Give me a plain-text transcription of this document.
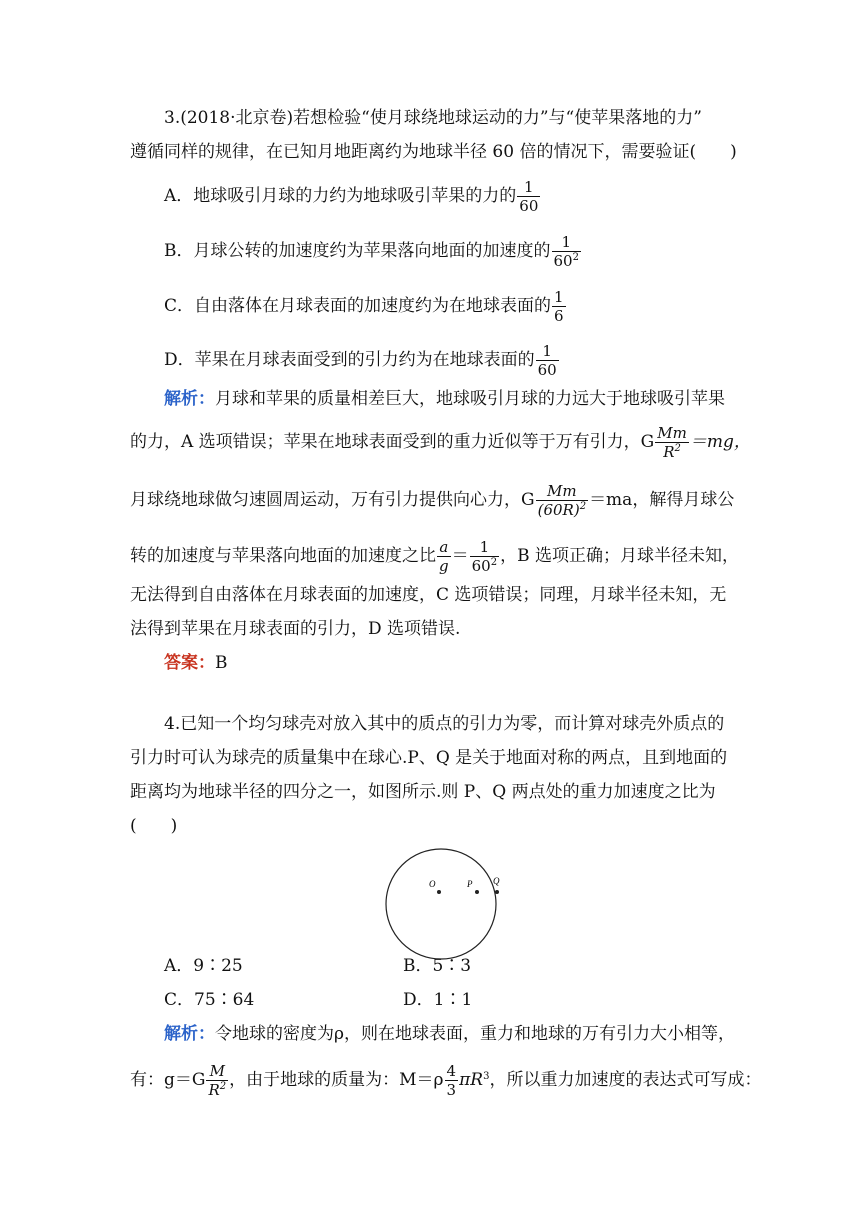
3.(2018·北京卷)若想检验“使月球绕地球运动的力”与“使苹果落地的力”
遵循同样的规律，在已知月地距离约为地球半径 60 倍的情况下，需要验证(　　)
A．地球吸引月球的力约为地球吸引苹果的力的 $\frac{1}{60}$
B．月球公转的加速度约为苹果落向地面的加速度的 $\frac{1}{60^2}$
C．自由落体在月球表面的加速度约为在地球表面的 $\frac{1}{6}$
D．苹果在月球表面受到的引力约为在地球表面的 $\frac{1}{60}$
解析：月球和苹果的质量相差巨大，地球吸引月球的力远大于地球吸引苹果
的力，A 选项错误；苹果在地球表面受到的重力近似等于万有引力，G $\frac{Mm}{R^2} =mg$，
月球绕地球做匀速圆周运动，万有引力提供向心力，G $\frac{Mm}{(60R)^2} =ma$，解得月球公
转的加速度与苹果落向地面的加速度之比 $\frac{a}{g} = \frac{1}{60^2}$ ，B 选项正确；月球半径未知，
无法得到自由落体在月球表面的加速度，C 选项错误；同理，月球半径未知，无
法得到苹果在月球表面的引力，D 选项错误.
答案：B
4.已知一个均匀球壳对放入其中的质点的引力为零，而计算对球壳外质点的
引力时可认为球壳的质量集中在球心.P、Q 是关于地面对称的两点，且到地面的
距离均为地球半径的四分之一，如图所示.则 P、Q 两点处的重力加速度之比为
(　　)
O	P Q
A．9∶25	B．5∶3
C．75∶64	D．1∶1
解析：令地球的密度为ρ，则在地球表面，重力和地球的万有引力大小相等，
有：$g=G \frac{M}{R^2}$ ，由于地球的质量为：$M=\rho \frac{4}{3} \pi R^3$，所以重力加速度的表达式可写成：
